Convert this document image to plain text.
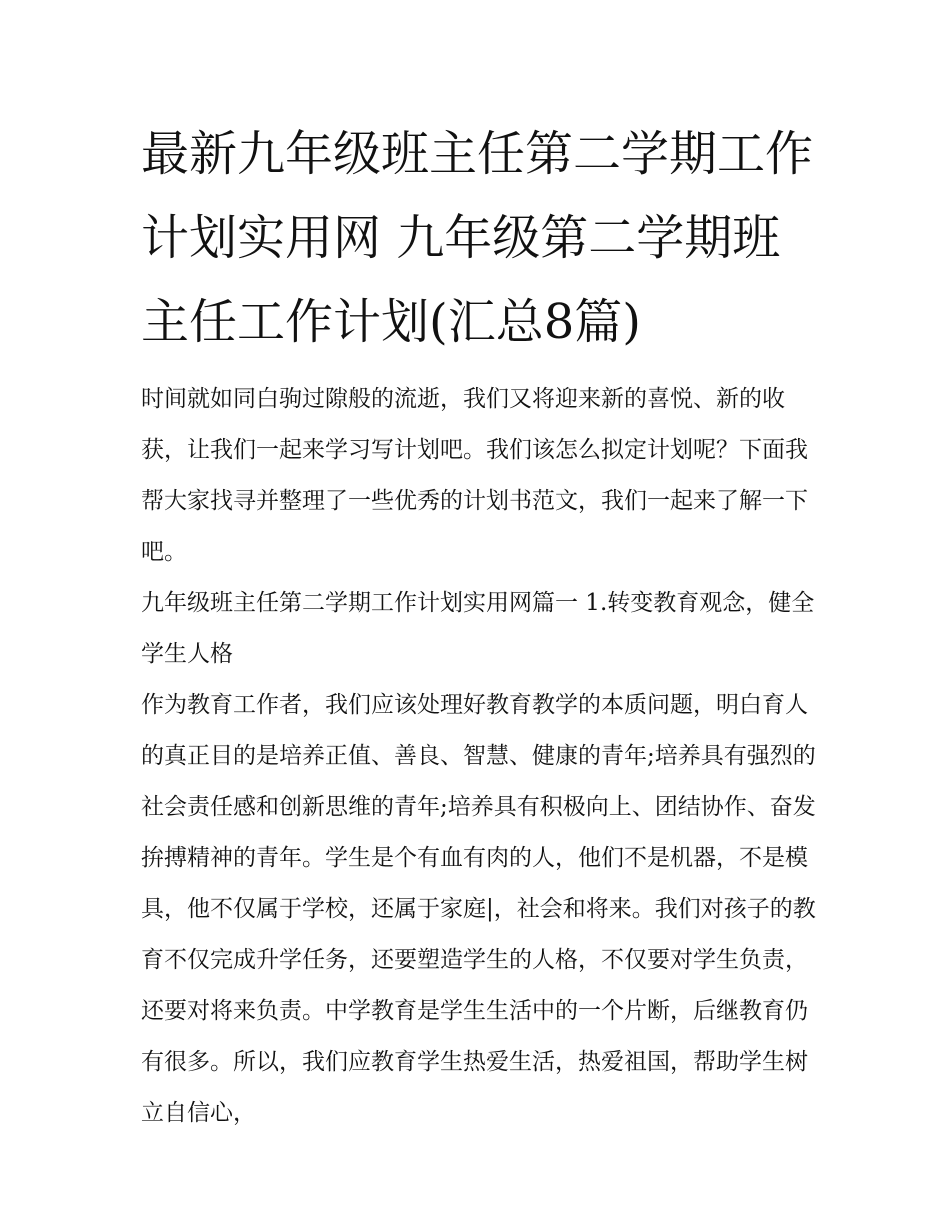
最新九年级班主任第二学期工作计划实用网 九年级第二学期班主任工作计划(汇总8篇)

时间就如同白驹过隙般的流逝，我们又将迎来新的喜悦、新的收获，让我们一起来学习写计划吧。我们该怎么拟定计划呢？下面我帮大家找寻并整理了一些优秀的计划书范文，我们一起来了解一下吧。

九年级班主任第二学期工作计划实用网篇一 1.转变教育观念，健全学生人格

作为教育工作者，我们应该处理好教育教学的本质问题，明白育人的真正目的是培养正值、善良、智慧、健康的青年;培养具有强烈的社会责任感和创新思维的青年;培养具有积极向上、团结协作、奋发拚搏精神的青年。学生是个有血有肉的人，他们不是机器，不是模具，他不仅属于学校，还属于家庭|，社会和将来。我们对孩子的教育不仅完成升学任务，还要塑造学生的人格，不仅要对学生负责，还要对将来负责。中学教育是学生生活中的一个片断，后继教育仍有很多。所以，我们应教育学生热爱生活，热爱祖国，帮助学生树立自信心，
